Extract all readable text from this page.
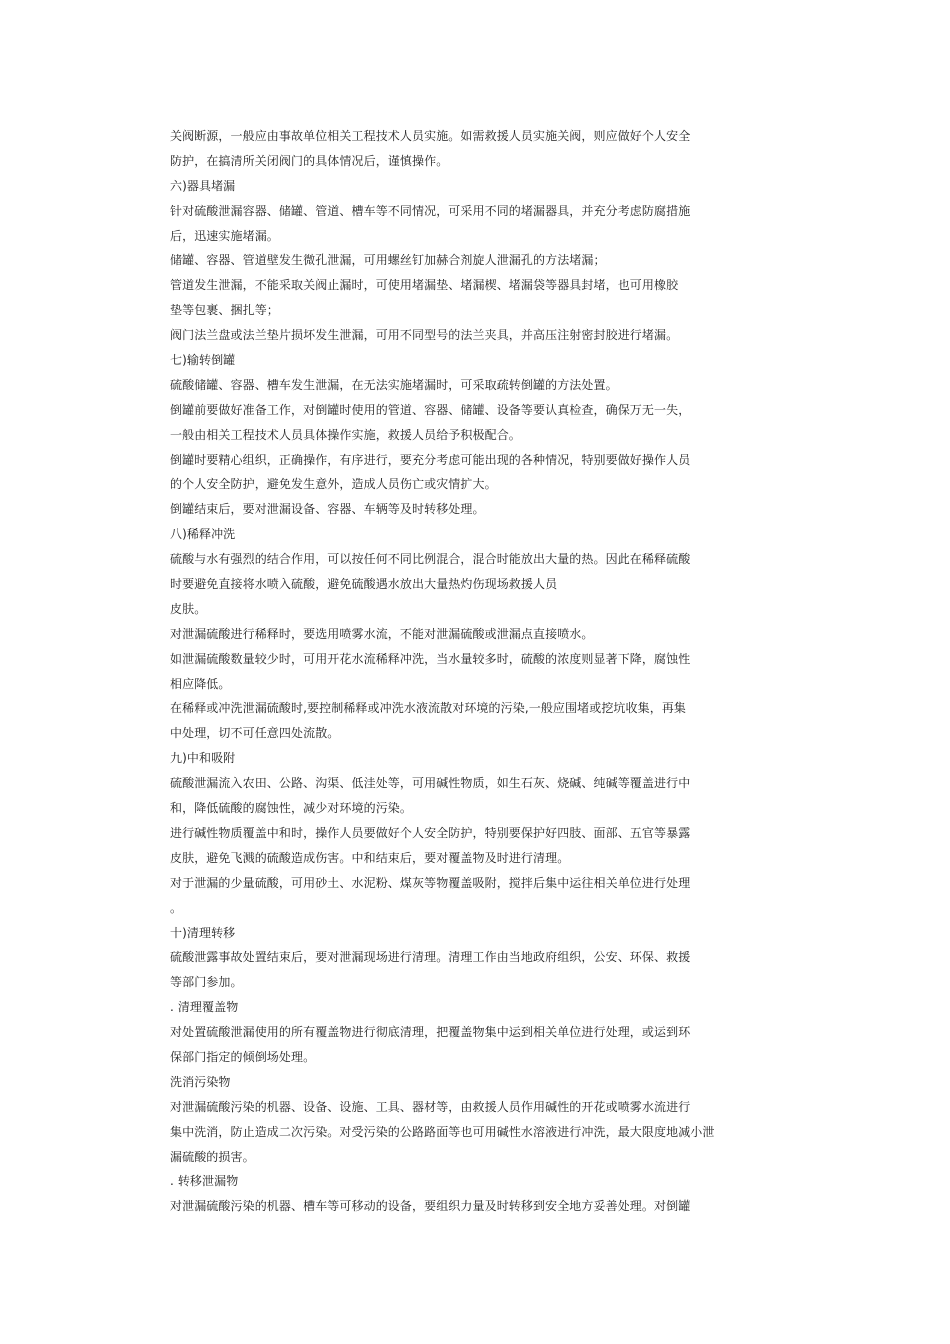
关阀断源，一般应由事故单位相关工程技术人员实施。如需救援人员实施关阀，则应做好个人安全
防护，在搞清所关闭阀门的具体情况后，谨慎操作。
六)器具堵漏
针对硫酸泄漏容器、储罐、管道、槽车等不同情况，可采用不同的堵漏器具，并充分考虑防腐措施
后，迅速实施堵漏。
储罐、容器、管道壁发生微孔泄漏，可用螺丝钉加赫合剂旋人泄漏孔的方法堵漏；
管道发生泄漏，不能采取关阀止漏时，可使用堵漏垫、堵漏楔、堵漏袋等器具封堵，也可用橡胶
垫等包裹、捆扎等；
阀门法兰盘或法兰垫片损坏发生泄漏，可用不同型号的法兰夹具，并高压注射密封胶进行堵漏。
七)输转倒罐
硫酸储罐、容器、槽车发生泄漏，在无法实施堵漏时，可采取疏转倒罐的方法处置。
倒罐前要做好准备工作，对倒罐时使用的管道、容器、储罐、设备等要认真检查，确保万无一失，
一般由相关工程技术人员具体操作实施，救援人员给予积极配合。
倒罐时要精心组织，正确操作，有序进行，要充分考虑可能出现的各种情况，特别要做好操作人员
的个人安全防护，避免发生意外，造成人员伤亡或灾情扩大。
倒罐结束后，要对泄漏设备、容器、车辆等及时转移处理。
八)稀释冲洗
硫酸与水有强烈的结合作用，可以按任何不同比例混合，混合时能放出大量的热。因此在稀释硫酸
时要避免直接将水喷入硫酸，避免硫酸遇水放出大量热灼伤现场救援人员
皮肤。
对泄漏硫酸进行稀释时，要选用喷雾水流，不能对泄漏硫酸或泄漏点直接喷水。
如泄漏硫酸数量较少时，可用开花水流稀释冲洗，当水量较多时，硫酸的浓度则显著下降，腐蚀性
相应降低。
在稀释或冲洗泄漏硫酸时,要控制稀释或冲洗水液流散对环境的污染,一般应围堵或挖坑收集，再集
中处理，切不可任意四处流散。
九)中和吸附
硫酸泄漏流入农田、公路、沟渠、低洼处等，可用碱性物质，如生石灰、烧碱、纯碱等覆盖进行中
和，降低硫酸的腐蚀性，减少对环境的污染。
进行碱性物质覆盖中和时，操作人员要做好个人安全防护，特别要保护好四肢、面部、五官等暴露
皮肤，避免飞溅的硫酸造成伤害。中和结束后，要对覆盖物及时进行清理。
对于泄漏的少量硫酸，可用砂土、水泥粉、煤灰等物覆盖吸附，搅拌后集中运往相关单位进行处理
。
十)清理转移
硫酸泄露事故处置结束后，要对泄漏现场进行清理。清理工作由当地政府组织，公安、环保、救援
等部门参加。
. 清理覆盖物
对处置硫酸泄漏使用的所有覆盖物进行彻底清理，把覆盖物集中运到相关单位进行处理，或运到环
保部门指定的倾倒场处理。
洗消污染物
对泄漏硫酸污染的机器、设备、设施、工具、器材等，由救援人员作用碱性的开花或喷雾水流进行
集中洗消，防止造成二次污染。对受污染的公路路面等也可用碱性水溶液进行冲洗，最大限度地减小泄
漏硫酸的损害。
. 转移泄漏物
对泄漏硫酸污染的机器、槽车等可移动的设备，要组织力量及时转移到安全地方妥善处理。对倒罐
